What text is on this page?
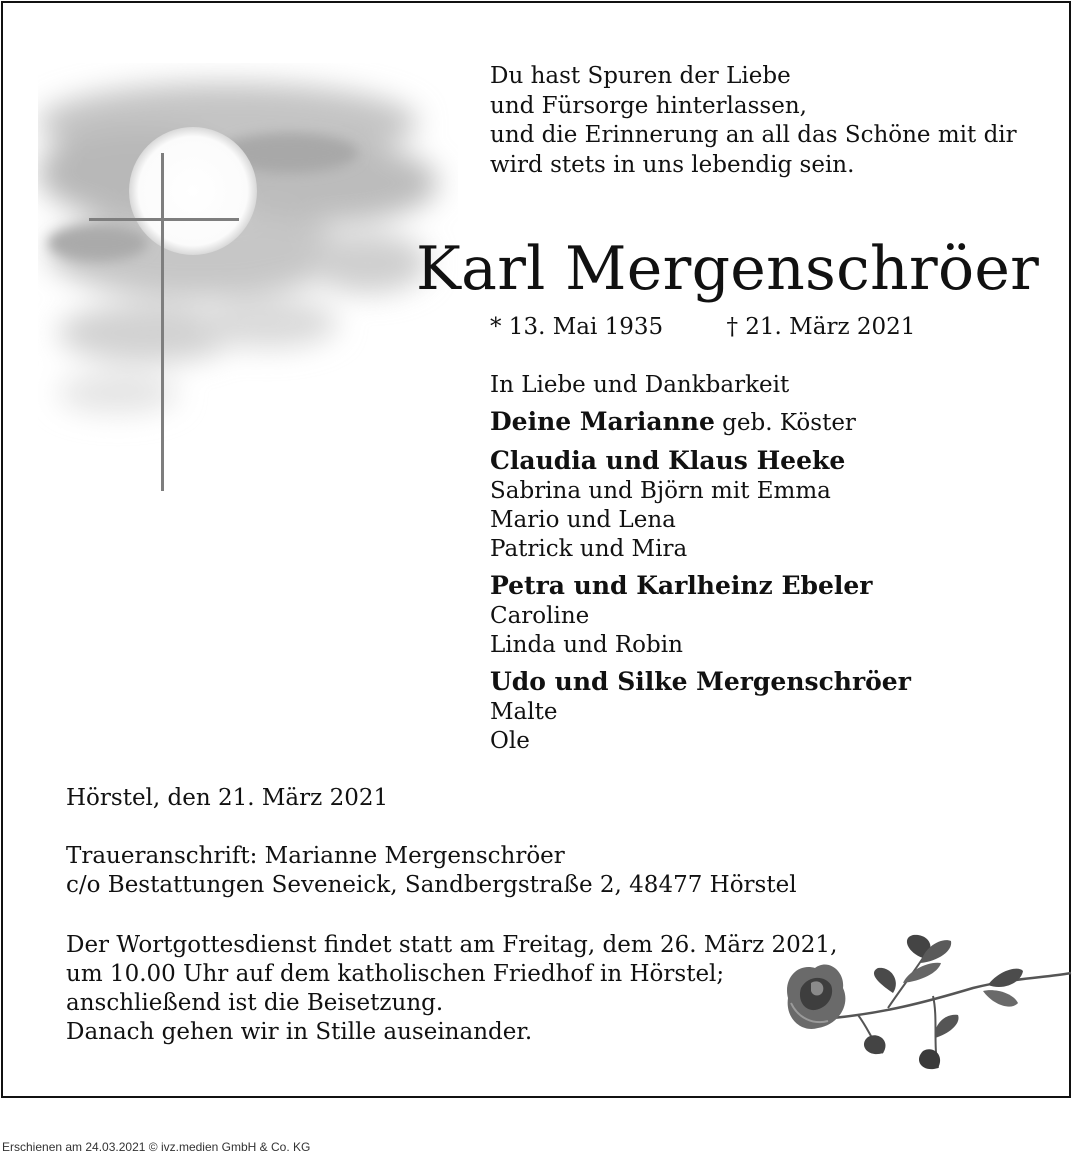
Du hast Spuren der Liebe
und Fürsorge hinterlassen,
und die Erinnerung an all das Schöne mit dir
wird stets in uns lebendig sein.
Karl Mergenschröer
* 13. Mai 1935	† 21. März 2021
In Liebe und Dankbarkeit
Deine Marianne geb. Köster
Claudia und Klaus Heeke
Sabrina und Björn mit Emma
Mario und Lena
Patrick und Mira
Petra und Karlheinz Ebeler
Caroline
Linda und Robin
Udo und Silke Mergenschröer
Malte
Ole
Hörstel, den 21. März 2021
Traueranschrift: Marianne Mergenschröer
c/o Bestattungen Seveneick, Sandbergstraße 2, 48477 Hörstel
Der Wortgottesdienst findet statt am Freitag, dem 26. März 2021,
um 10.00 Uhr auf dem katholischen Friedhof in Hörstel;
anschließend ist die Beisetzung.
Danach gehen wir in Stille auseinander.
Erschienen am 24.03.2021 © ivz.medien GmbH & Co. KG
